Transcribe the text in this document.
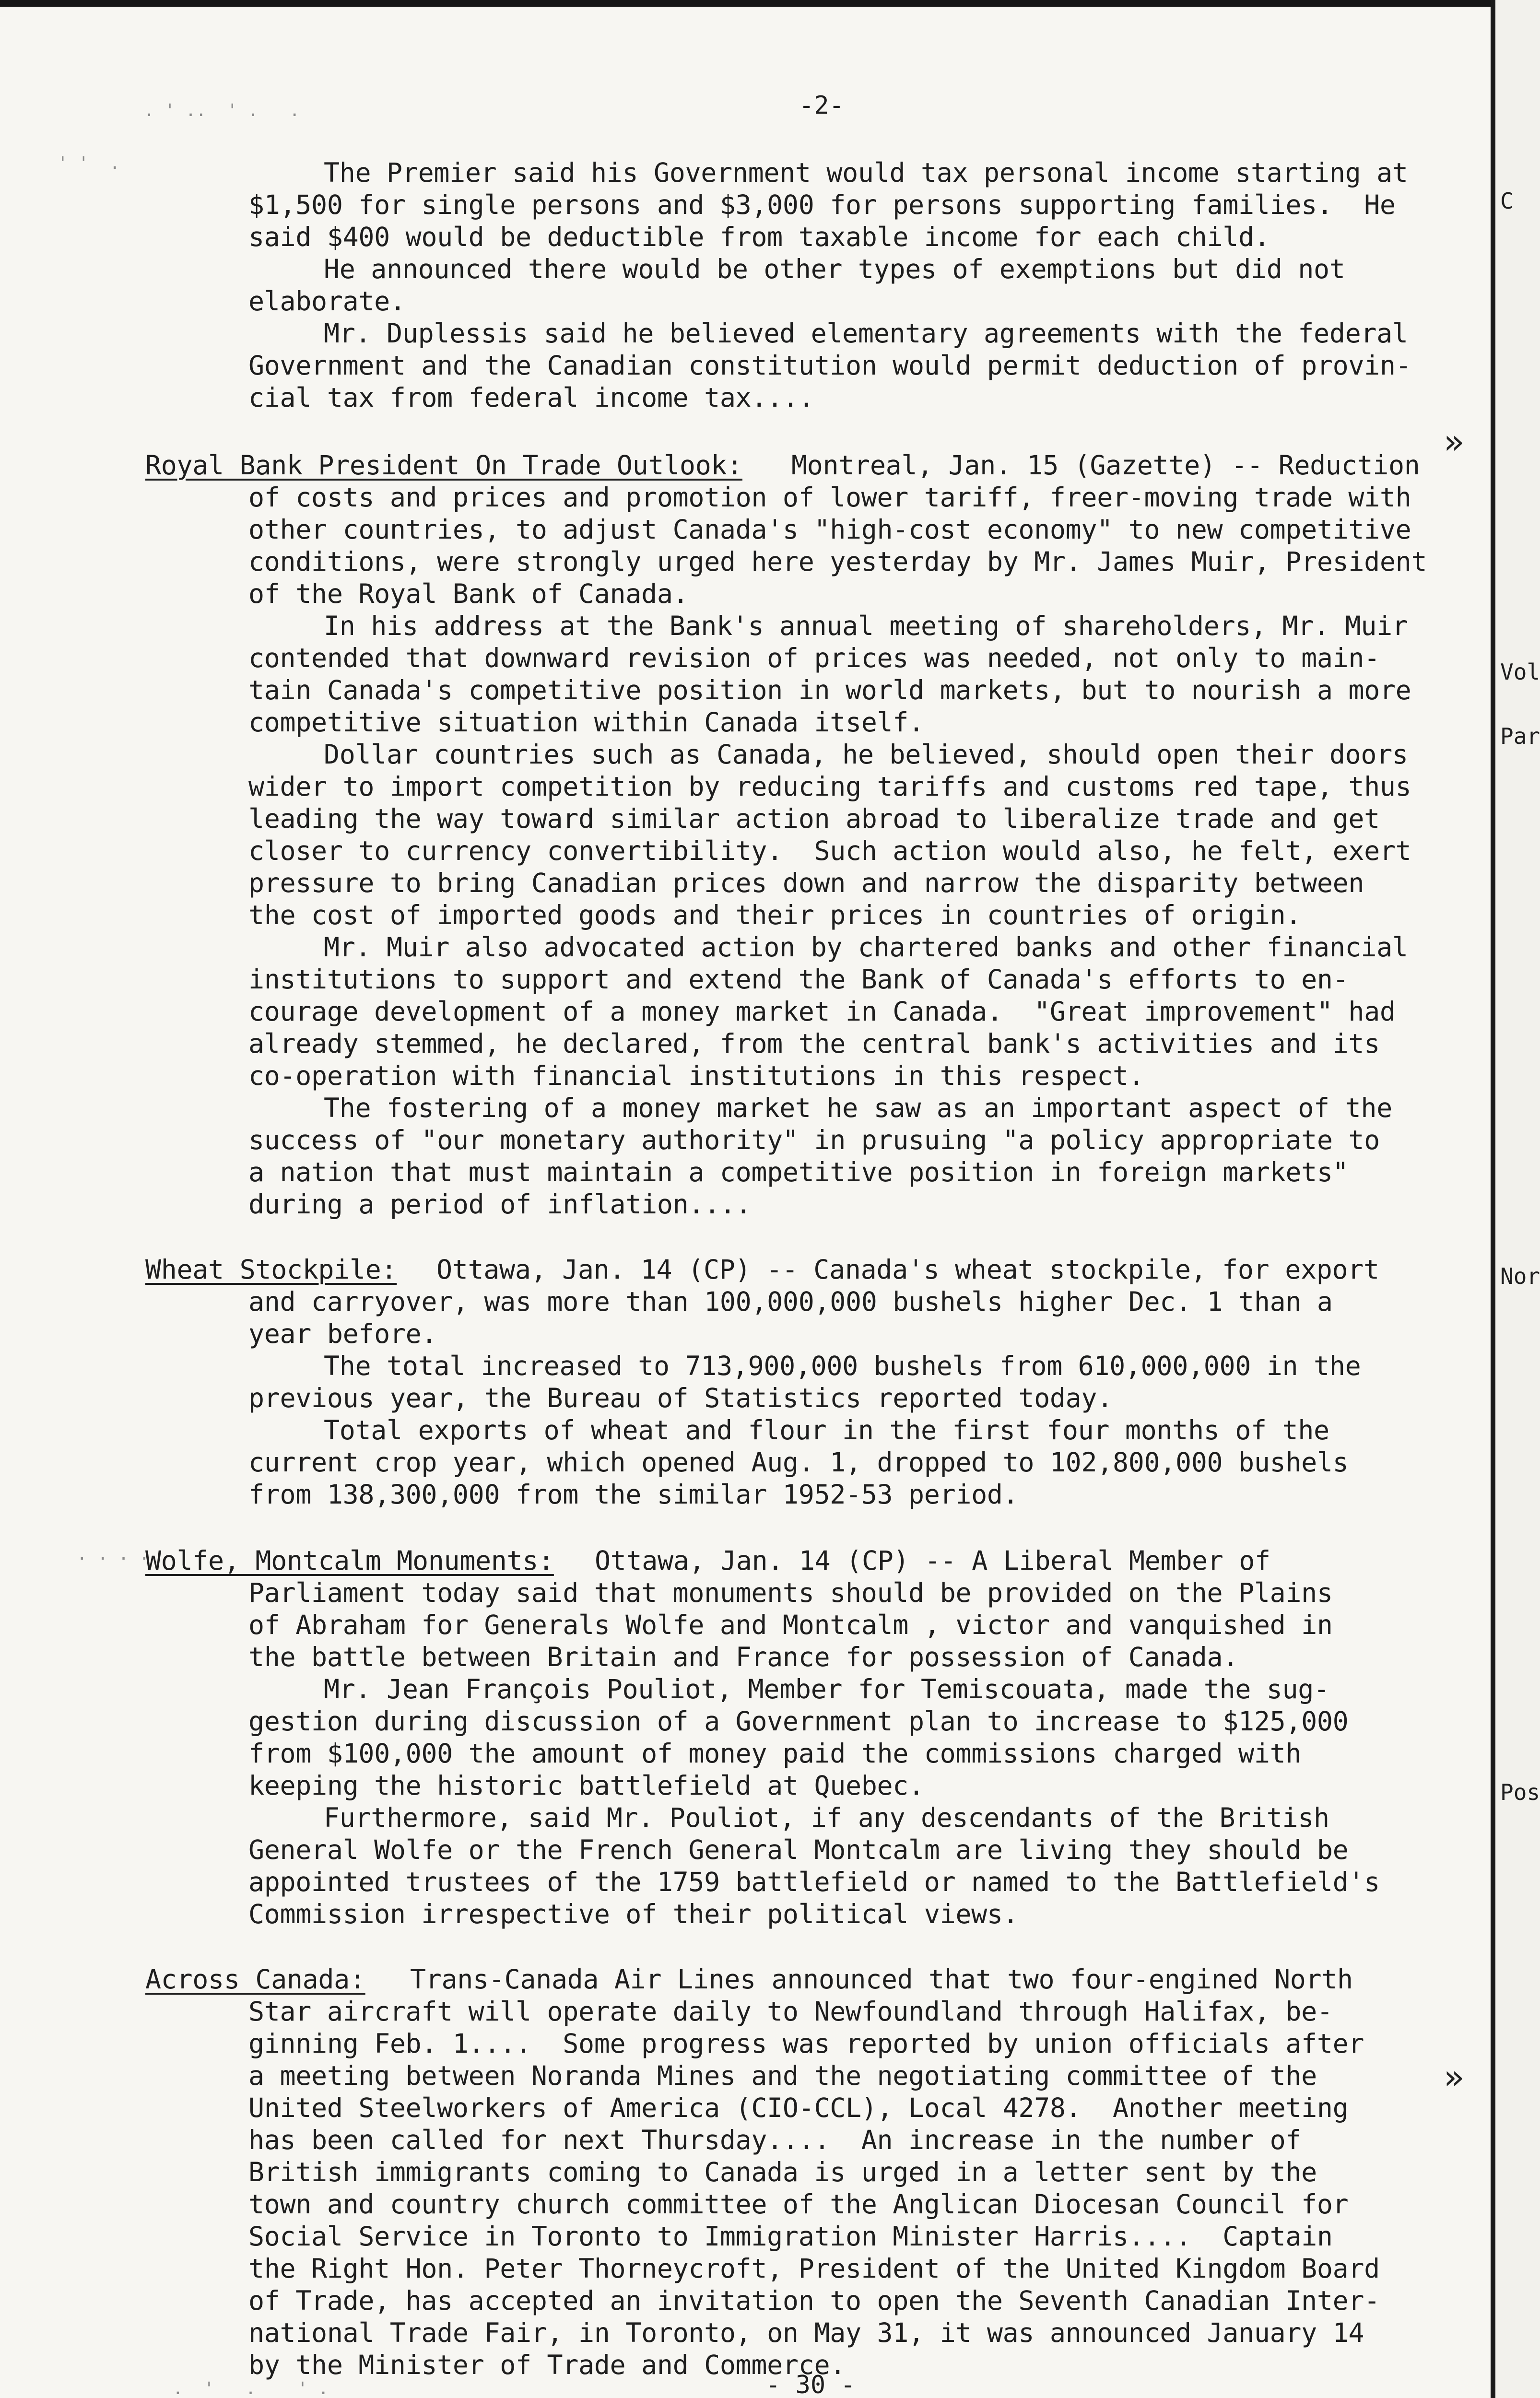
C
Vol
Par
Nor
Pos
»
»
. ' ..  ' .   .
' '  .
. . . .
.  '   .    ' .
-2-
The Premier said his Government would tax personal income starting at
$1,500 for single persons and $3,000 for persons supporting families.  He
said $400 would be deductible from taxable income for each child.
He announced there would be other types of exemptions but did not
elaborate.
Mr. Duplessis said he believed elementary agreements with the federal
Government and the Canadian constitution would permit deduction of provin-
cial tax from federal income tax....
Royal Bank President On Trade Outlook: Montreal, Jan. 15 (Gazette) -- Reduction
of costs and prices and promotion of lower tariff, freer-moving trade with
other countries, to adjust Canada's "high-cost economy" to new competitive
conditions, were strongly urged here yesterday by Mr. James Muir, President
of the Royal Bank of Canada.
In his address at the Bank's annual meeting of shareholders, Mr. Muir
contended that downward revision of prices was needed, not only to main-
tain Canada's competitive position in world markets, but to nourish a more
competitive situation within Canada itself.
Dollar countries such as Canada, he believed, should open their doors
wider to import competition by reducing tariffs and customs red tape, thus
leading the way toward similar action abroad to liberalize trade and get
closer to currency convertibility.  Such action would also, he felt, exert
pressure to bring Canadian prices down and narrow the disparity between
the cost of imported goods and their prices in countries of origin.
Mr. Muir also advocated action by chartered banks and other financial
institutions to support and extend the Bank of Canada's efforts to en-
courage development of a money market in Canada.  "Great improvement" had
already stemmed, he declared, from the central bank's activities and its
co-operation with financial institutions in this respect.
The fostering of a money market he saw as an important aspect of the
success of "our monetary authority" in prusuing "a policy appropriate to
a nation that must maintain a competitive position in foreign markets"
during a period of inflation....
Wheat Stockpile: Ottawa, Jan. 14 (CP) -- Canada's wheat stockpile, for export
and carryover, was more than 100,000,000 bushels higher Dec. 1 than a
year before.
The total increased to 713,900,000 bushels from 610,000,000 in the
previous year, the Bureau of Statistics reported today.
Total exports of wheat and flour in the first four months of the
current crop year, which opened Aug. 1, dropped to 102,800,000 bushels
from 138,300,000 from the similar 1952-53 period.
Wolfe, Montcalm Monuments: Ottawa, Jan. 14 (CP) -- A Liberal Member of
Parliament today said that monuments should be provided on the Plains
of Abraham for Generals Wolfe and Montcalm , victor and vanquished in
the battle between Britain and France for possession of Canada.
Mr. Jean François Pouliot, Member for Temiscouata, made the sug-
gestion during discussion of a Government plan to increase to $125,000
from $100,000 the amount of money paid the commissions charged with
keeping the historic battlefield at Quebec.
Furthermore, said Mr. Pouliot, if any descendants of the British
General Wolfe or the French General Montcalm are living they should be
appointed trustees of the 1759 battlefield or named to the Battlefield's
Commission irrespective of their political views.
Across Canada: Trans-Canada Air Lines announced that two four-engined North
Star aircraft will operate daily to Newfoundland through Halifax, be-
ginning Feb. 1....  Some progress was reported by union officials after
a meeting between Noranda Mines and the negotiating committee of the
United Steelworkers of America (CIO-CCL), Local 4278.  Another meeting
has been called for next Thursday....  An increase in the number of
British immigrants coming to Canada is urged in a letter sent by the
town and country church committee of the Anglican Diocesan Council for
Social Service in Toronto to Immigration Minister Harris....  Captain
the Right Hon. Peter Thorneycroft, President of the United Kingdom Board
of Trade, has accepted an invitation to open the Seventh Canadian Inter-
national Trade Fair, in Toronto, on May 31, it was announced January 14
by the Minister of Trade and Commerce.
- 30 -
